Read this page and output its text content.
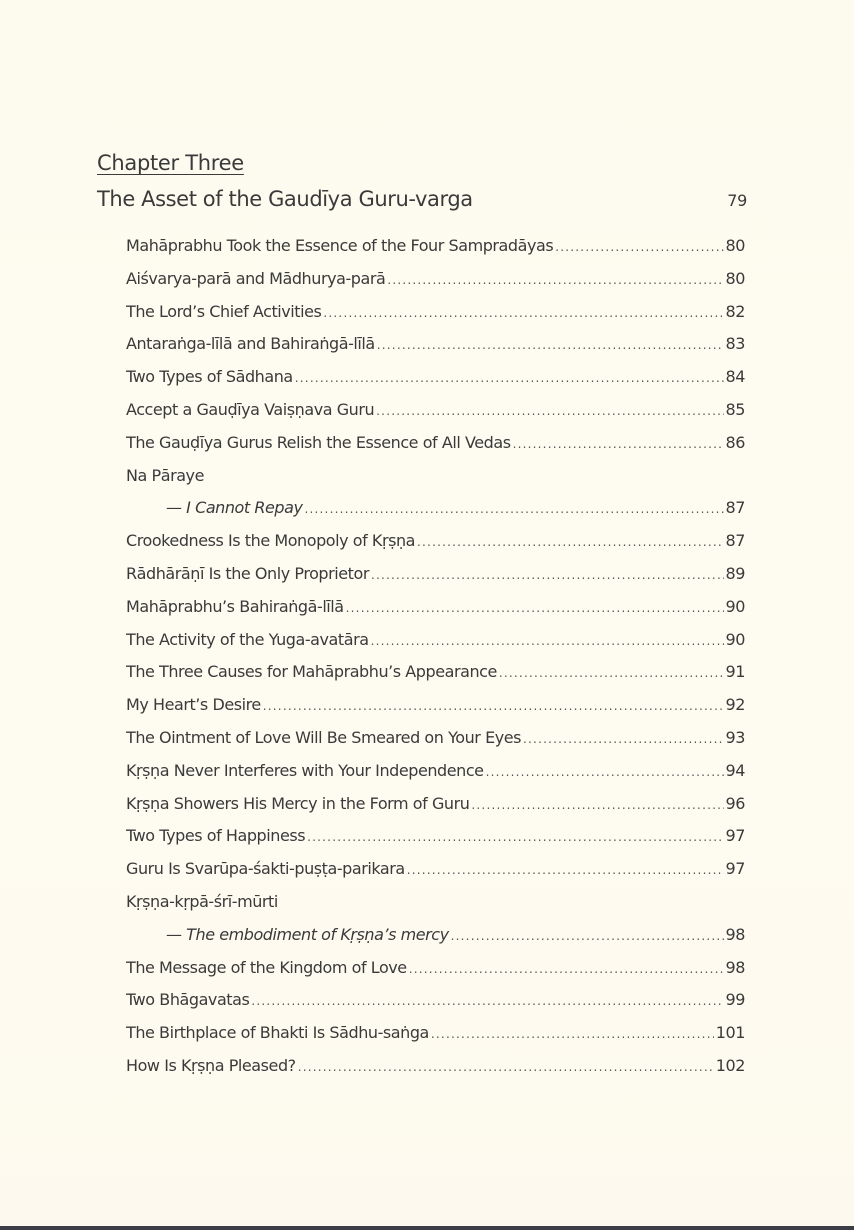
Chapter Three
The Asset of the Gaudīya Guru-varga	79
Mahāprabhu Took the Essence of the Four Sampradāyas .....	80
Aiśvarya-parā and Mādhurya-parā .....	80
The Lord’s Chief Activities .....	82
Antaraṅga-līlā and Bahiraṅgā-līlā .....	83
Two Types of Sādhana .....	84
Accept a Gauḍīya Vaiṣṇava Guru .....	85
The Gauḍīya Gurus Relish the Essence of All Vedas .....	86
Na Pāraye
— I Cannot Repay .....	87
Crookedness Is the Monopoly of Kṛṣṇa .....	87
Rādhārāṇī Is the Only Proprietor .....	89
Mahāprabhu’s Bahiraṅgā-līlā .....	90
The Activity of the Yuga-avatāra .....	90
The Three Causes for Mahāprabhu’s Appearance .....	91
My Heart’s Desire .....	92
The Ointment of Love Will Be Smeared on Your Eyes .....	93
Kṛṣṇa Never Interferes with Your Independence .....	94
Kṛṣṇa Showers His Mercy in the Form of Guru .....	96
Two Types of Happiness .....	97
Guru Is Svarūpa-śakti-puṣṭa-parikara .....	97
Kṛṣṇa-kṛpā-śrī-mūrti
— The embodiment of Kṛṣṇa’s mercy .....	98
The Message of the Kingdom of Love .....	98
Two Bhāgavatas .....	99
The Birthplace of Bhakti Is Sādhu-saṅga .....	101
How Is Kṛṣṇa Pleased? .....	102
